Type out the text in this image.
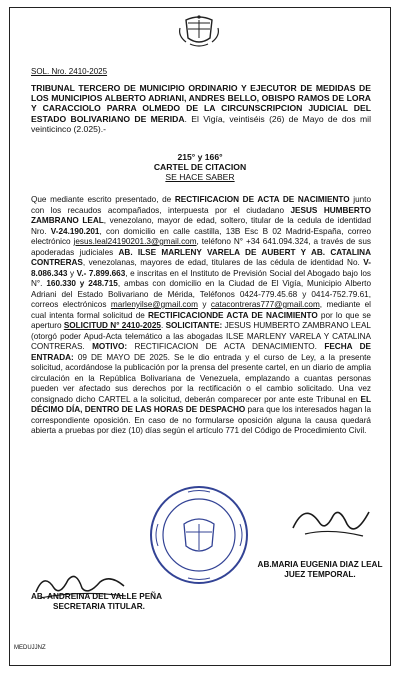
SOL. Nro. 2410-2025
TRIBUNAL TERCERO DE MUNICIPIO ORDINARIO Y EJECUTOR DE MEDIDAS DE LOS MUNICIPIOS ALBERTO ADRIANI, ANDRES BELLO, OBISPO RAMOS DE LORA Y CARACCIOLO PARRA OLMEDO DE LA CIRCUNSCRIPCION JUDICIAL DEL ESTADO BOLIVARIANO DE MERIDA. El Vigía, veintiséis (26) de Mayo de dos mil veinticinco (2.025).-
215° y 166°
CARTEL DE CITACION
SE HACE SABER

Que mediante escrito presentado, de RECTIFICACION DE ACTA DE NACIMIENTO junto con los recaudos acompañados, interpuesta por el ciudadano JESUS HUMBERTO ZAMBRANO LEAL, venezolano, mayor de edad, soltero, titular de la cedula de identidad Nro. V-24.190.201, con domicilio en calle castilla, 13B Esc B 02 Madrid-España, correo electrónico jesus.leal24190201.3@gmail.com, teléfono N° +34 641.094.324, a través de sus apoderadas judiciales AB. ILSE MARLENY VARELA DE AUBERT Y AB. CATALINA CONTRERAS, venezolanas, mayores de edad, titulares de las cédula de identidad No. V-8.086.343 y V.- 7.899.663, e inscritas en el Instituto de Previsión Social del Abogado bajo los N°. 160.330 y 248.715, ambas con domicilio en la Ciudad de El Vigía, Municipio Alberto Adriani del Estado Bolivariano de Mérida, Teléfonos 0424-779.45.68 y 0414-752.79.61, correos electrónicos marlenyilse@gmail.com y catacontreras777@gmail.com, mediante el cual intenta formal solicitud de RECTIFICACIONDE ACTA DE NACIMIENTO por lo que se aperturo SOLICITUD N° 2410-2025. SOLICITANTE: JESUS HUMBERTO ZAMBRANO LEAL (otorgó poder Apud-Acta telemático a las abogadas ILSE MARLENY VARELA Y CATALINA CONTRERAS. MOTIVO: RECTIFICACION DE ACTA DENACIMIENTO. FECHA DE ENTRADA: 09 DE MAYO DE 2025. Se le dio entrada y el curso de Ley, a la presente solicitud, acordándose la publicación por la prensa del presente cartel, en un diario de amplia circulación en la República Bolivariana de Venezuela, emplazando a cuantas personas pueden ver afectado sus derechos por la rectificación o el cambio solicitado. Una vez consignado dicho CARTEL a la solicitud, deberán comparecer por ante este Tribunal en EL DÉCIMO DÍA, DENTRO DE LAS HORAS DE DESPACHO para que los interesados hagan la correspondiente oposición. En caso de no formularse oposición alguna la causa quedará abierta a pruebas por diez (10) días según el artículo 771 del Código de Procedimiento Civil.

AB.MARIA EUGENIA DIAZ LEAL
JUEZ TEMPORAL.
AB. ANDREINA DEL VALLE PEÑA
SECRETARIA TITULAR.
MEDUJJNZ
